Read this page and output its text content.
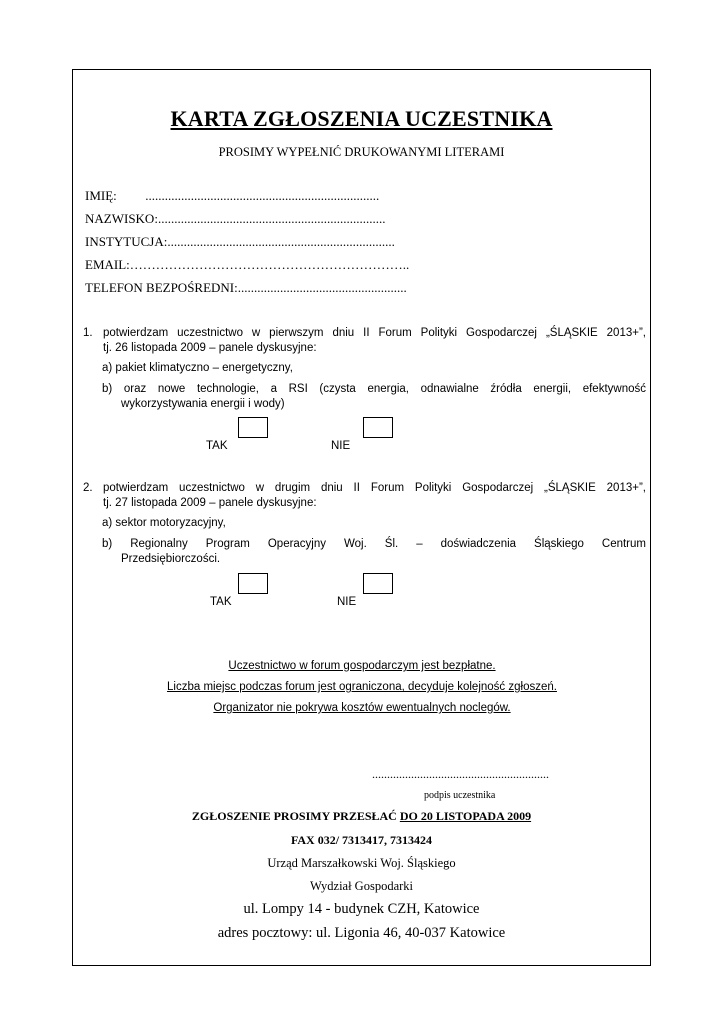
KARTA ZGŁOSZENIA UCZESTNIKA
PROSIMY WYPEŁNIĆ DRUKOWANYMI LITERAMI
IMIĘ: ........................................................................
NAZWISKO:......................................................................
INSTYTUCJA:......................................................................
EMAIL:………………………………………………………..
TELEFON BEZPOŚREDNI:....................................................
1. potwierdzam uczestnictwo w pierwszym dniu II Forum Polityki Gospodarczej „ŚLĄSKIE 2013+”,
tj. 26 listopada 2009 – panele dyskusyjne:
a) pakiet klimatyczno – energetyczny,
b) oraz nowe technologie, a RSI (czysta energia, odnawialne źródła energii, efektywność
wykorzystywania energii i wody)
TAK	NIE
2. potwierdzam uczestnictwo w drugim dniu II Forum Polityki Gospodarczej „ŚLĄSKIE 2013+”,
tj. 27 listopada 2009 – panele dyskusyjne:
a) sektor motoryzacyjny,
b) Regionalny Program Operacyjny Woj. Śl. – doświadczenia Śląskiego Centrum
Przedsiębiorczości.
TAK	NIE
Uczestnictwo w forum gospodarczym jest bezpłatne.
Liczba miejsc podczas forum jest ograniczona, decyduje kolejność zgłoszeń.
Organizator nie pokrywa kosztów ewentualnych noclegów.
...........................................................
podpis uczestnika
ZGŁOSZENIE PROSIMY PRZESŁAĆ DO 20 LISTOPADA 2009
FAX 032/ 7313417, 7313424
Urząd Marszałkowski Woj. Śląskiego
Wydział Gospodarki
ul. Lompy 14 - budynek CZH, Katowice
adres pocztowy: ul. Ligonia 46, 40-037 Katowice
